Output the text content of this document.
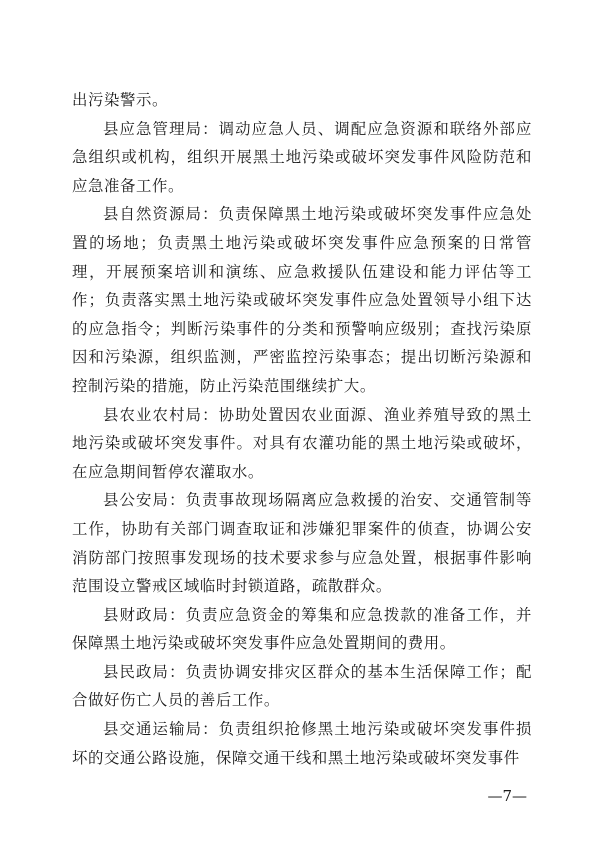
出污染警示。

县应急管理局：调动应急人员、调配应急资源和联络外部应急组织或机构，组织开展黑土地污染或破坏突发事件风险防范和应急准备工作。

县自然资源局：负责保障黑土地污染或破坏突发事件应急处置的场地；负责黑土地污染或破坏突发事件应急预案的日常管理，开展预案培训和演练、应急救援队伍建设和能力评估等工作；负责落实黑土地污染或破坏突发事件应急处置领导小组下达的应急指令；判断污染事件的分类和预警响应级别；查找污染原因和污染源，组织监测，严密监控污染事态；提出切断污染源和控制污染的措施，防止污染范围继续扩大。

县农业农村局：协助处置因农业面源、渔业养殖导致的黑土地污染或破坏突发事件。对具有农灌功能的黑土地污染或破坏，在应急期间暂停农灌取水。

县公安局：负责事故现场隔离应急救援的治安、交通管制等工作，协助有关部门调查取证和涉嫌犯罪案件的侦查，协调公安消防部门按照事发现场的技术要求参与应急处置，根据事件影响范围设立警戒区域临时封锁道路，疏散群众。

县财政局：负责应急资金的筹集和应急拨款的准备工作，并保障黑土地污染或破坏突发事件应急处置期间的费用。

县民政局：负责协调安排灾区群众的基本生活保障工作；配合做好伤亡人员的善后工作。

县交通运输局：负责组织抢修黑土地污染或破坏突发事件损坏的交通公路设施，保障交通干线和黑土地污染或破坏突发事件

—7—
